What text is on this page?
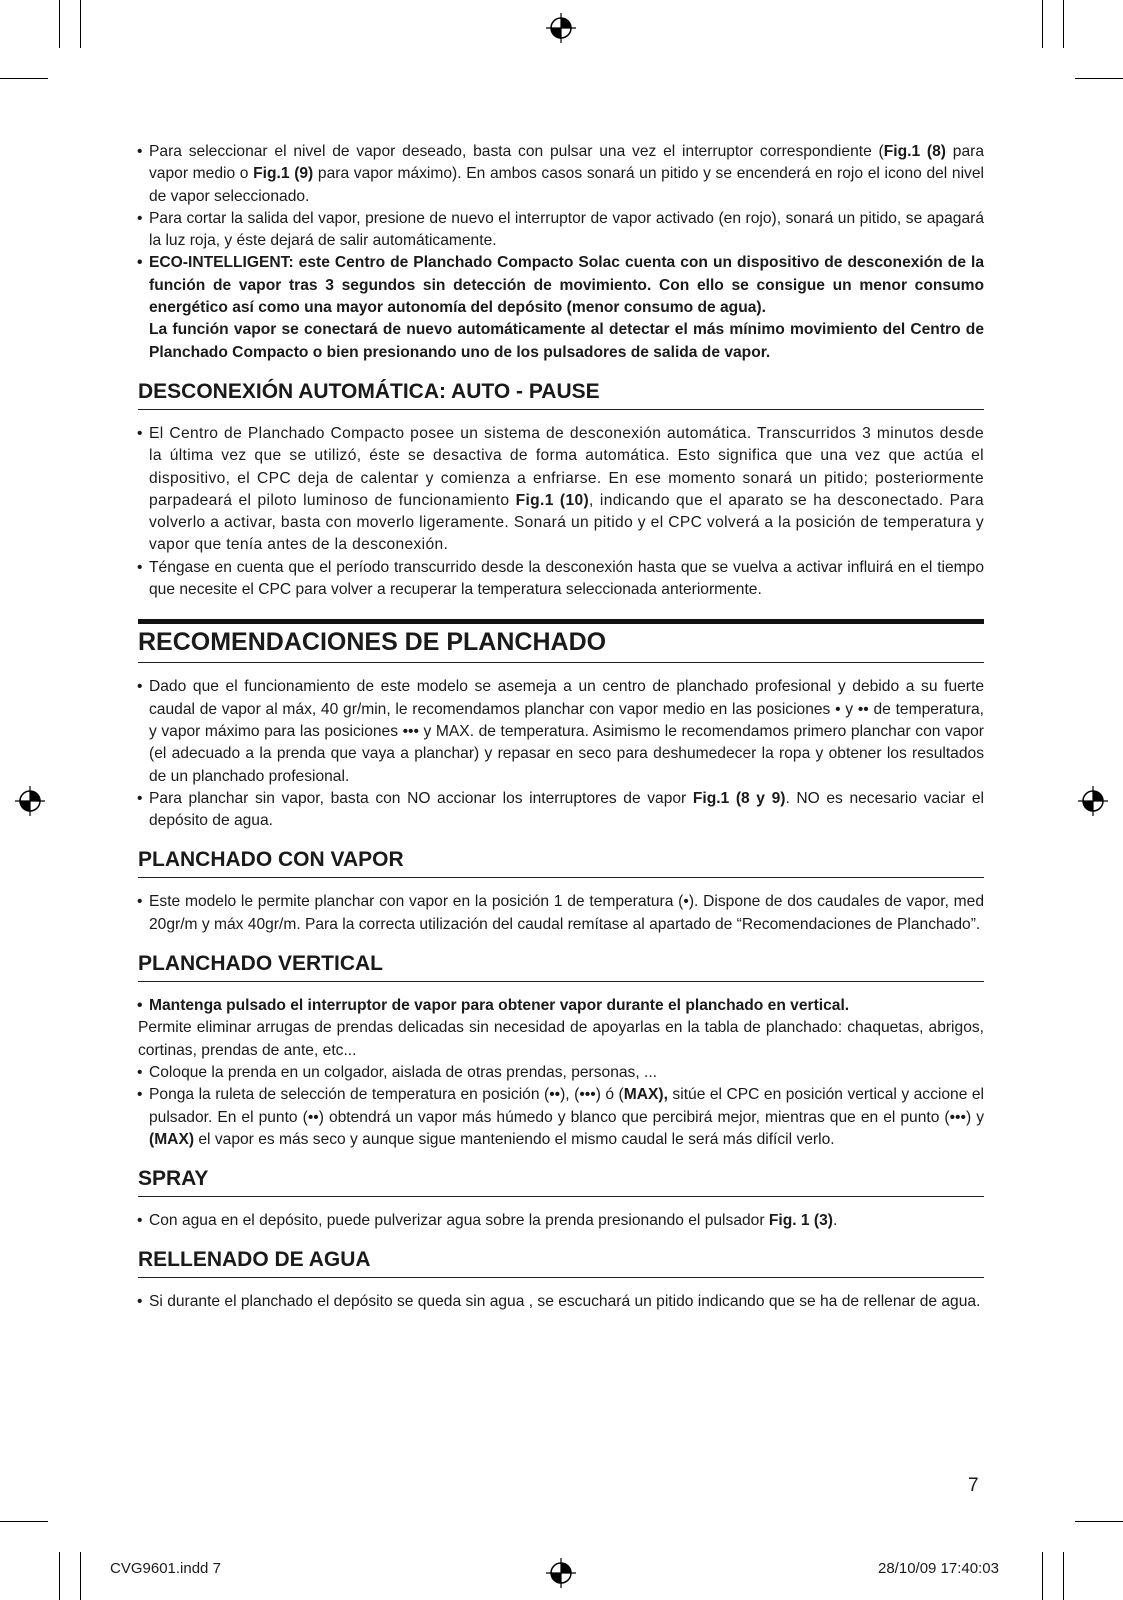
• Para seleccionar el nivel de vapor deseado, basta con pulsar una vez el interruptor correspondiente (Fig.1 (8) para vapor medio o Fig.1 (9) para vapor máximo). En ambos casos sonará un pitido y se encenderá en rojo el icono del nivel de vapor seleccionado.

• Para cortar la salida del vapor, presione de nuevo el interruptor de vapor activado (en rojo), sonará un pitido, se apagará la luz roja, y éste dejará de salir automáticamente.

• ECO-INTELLIGENT: este Centro de Planchado Compacto Solac cuenta con un dispositivo de desconexión de la función de vapor tras 3 segundos sin detección de movimiento. Con ello se consigue un menor consumo energético así como una mayor autonomía del depósito (menor consumo de agua).

La función vapor se conectará de nuevo automáticamente al detectar el más mínimo movimiento del Centro de Planchado Compacto o bien presionando uno de los pulsadores de salida de vapor.

DESCONEXIÓN AUTOMÁTICA: AUTO - PAUSE

• El Centro de Planchado Compacto posee un sistema de desconexión automática. Transcurridos 3 minutos desde la última vez que se utilizó, éste se desactiva de forma automática. Esto significa que una vez que actúa el dispositivo, el CPC deja de calentar y comienza a enfriarse. En ese momento sonará un pitido; posteriormente parpadeará el piloto luminoso de funcionamiento Fig.1 (10), indicando que el aparato se ha desconectado. Para volverlo a activar, basta con moverlo ligeramente. Sonará un pitido y el CPC volverá a la posición de temperatura y vapor que tenía antes de la desconexión.

• Téngase en cuenta que el período transcurrido desde la desconexión hasta que se vuelva a activar influirá en el tiempo que necesite el CPC para volver a recuperar la temperatura seleccionada anteriormente.

RECOMENDACIONES DE PLANCHADO

• Dado que el funcionamiento de este modelo se asemeja a un centro de planchado profesional y debido a su fuerte caudal de vapor al máx, 40 gr/min, le recomendamos planchar con vapor medio en las posiciones • y •• de temperatura, y vapor máximo para las posiciones ••• y MAX. de temperatura. Asimismo le recomendamos primero planchar con vapor (el adecuado a la prenda que vaya a planchar) y repasar en seco para deshumedecer la ropa y obtener los resultados de un planchado profesional.

• Para planchar sin vapor, basta con NO accionar los interruptores de vapor Fig.1 (8 y 9). NO es necesario vaciar el depósito de agua.

PLANCHADO CON VAPOR

• Este modelo le permite planchar con vapor en la posición 1 de temperatura (•). Dispone de dos caudales de vapor, med 20gr/m y máx 40gr/m. Para la correcta utilización del caudal remítase al apartado de “Recomendaciones de Planchado”.

PLANCHADO VERTICAL

• Mantenga pulsado el interruptor de vapor para obtener vapor durante el planchado en vertical.

Permite eliminar arrugas de prendas delicadas sin necesidad de apoyarlas en la tabla de planchado: chaquetas, abrigos, cortinas, prendas de ante, etc...

• Coloque la prenda en un colgador, aislada de otras prendas, personas, ...

• Ponga la ruleta de selección de temperatura en posición (••), (•••) ó (MAX), sitúe el CPC en posición vertical y accione el pulsador. En el punto (••) obtendrá un vapor más húmedo y blanco que percibirá mejor, mientras que en el punto (•••) y (MAX) el vapor es más seco y aunque sigue manteniendo el mismo caudal le será más difícil verlo.

SPRAY

• Con agua en el depósito, puede pulverizar agua sobre la prenda presionando el pulsador Fig. 1 (3).

RELLENADO DE AGUA

• Si durante el planchado el depósito se queda sin agua , se escuchará un pitido indicando que se ha de rellenar de agua.

7
CVG9601.indd 7	28/10/09 17:40:03
